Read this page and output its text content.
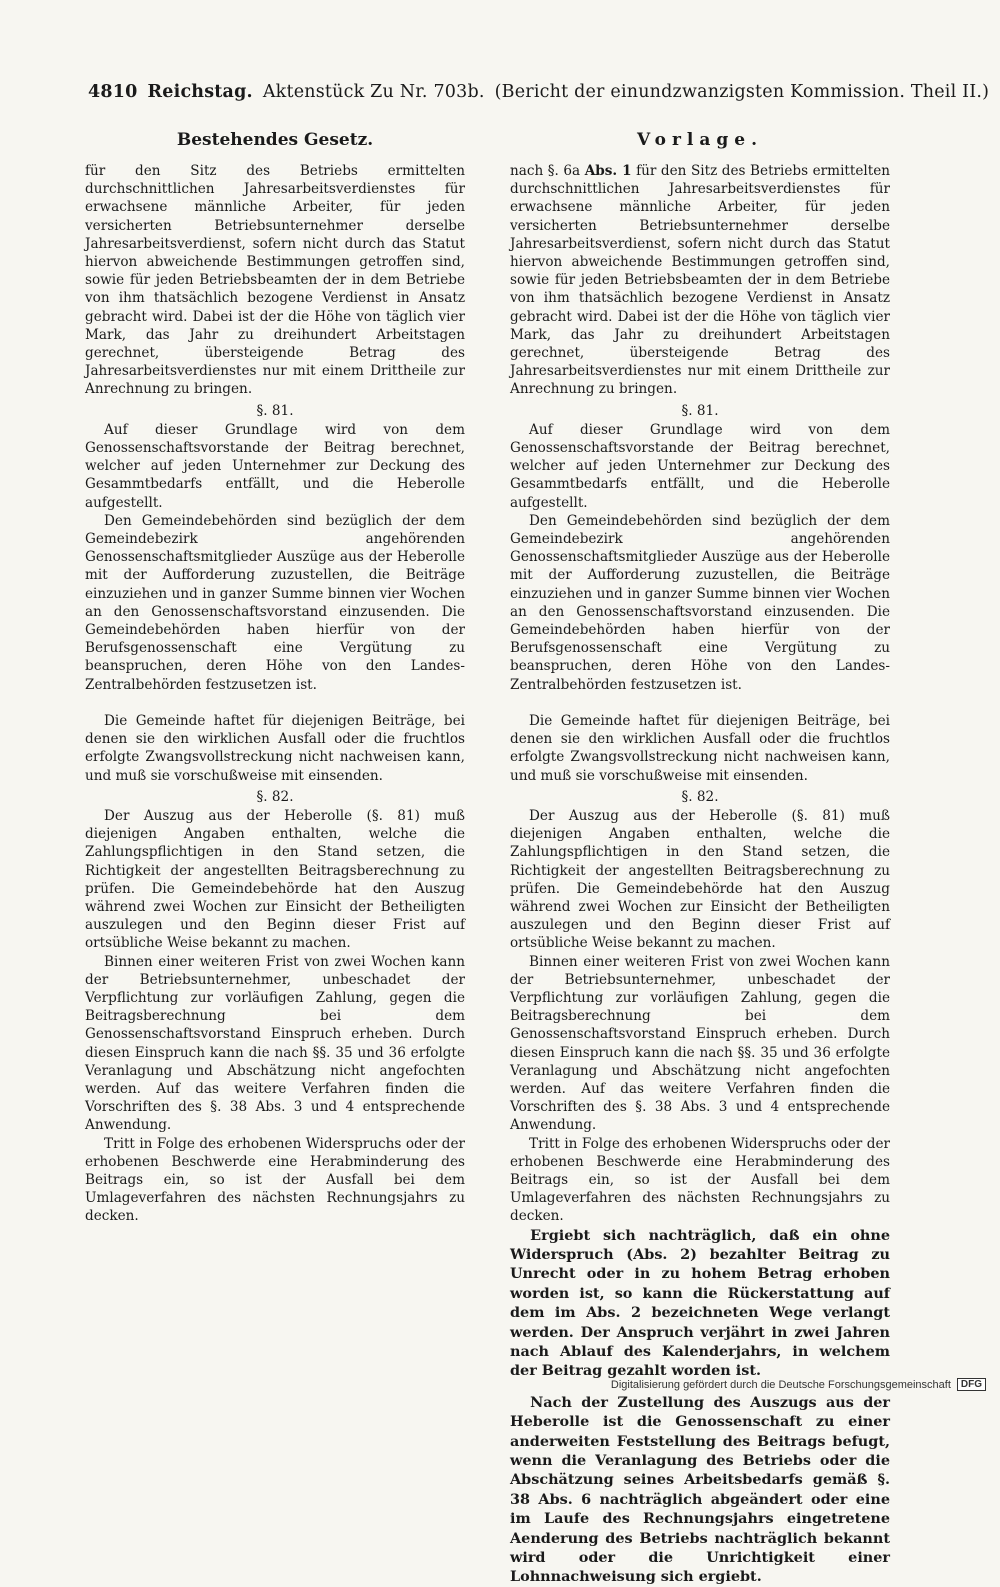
4810 Reichstag. Aktenstück Zu Nr. 703b. (Bericht der einundzwanzigsten Kommission. Theil II.)
Bestehendes Gesetz.

für den Sitz des Betriebs ermittelten durchschnittlichen Jahresarbeitsverdienstes für erwachsene männliche Arbeiter, für jeden versicherten Betriebsunternehmer derselbe Jahresarbeitsverdienst, sofern nicht durch das Statut hiervon abweichende Bestimmungen getroffen sind, sowie für jeden Betriebsbeamten der in dem Betriebe von ihm thatsächlich bezogene Verdienst in Ansatz gebracht wird. Dabei ist der die Höhe von täglich vier Mark, das Jahr zu dreihundert Arbeitstagen gerechnet, übersteigende Betrag des Jahresarbeitsverdienstes nur mit einem Drittheile zur Anrechnung zu bringen.

§. 81.

Auf dieser Grundlage wird von dem Genossenschaftsvorstande der Beitrag berechnet, welcher auf jeden Unternehmer zur Deckung des Gesammtbedarfs entfällt, und die Heberolle aufgestellt.

Den Gemeindebehörden sind bezüglich der dem Gemeindebezirk angehörenden Genossenschaftsmitglieder Auszüge aus der Heberolle mit der Aufforderung zuzustellen, die Beiträge einzuziehen und in ganzer Summe binnen vier Wochen an den Genossenschaftsvorstand einzusenden. Die Gemeindebehörden haben hierfür von der Berufsgenossenschaft eine Vergütung zu beanspruchen, deren Höhe von den Landes-Zentralbehörden festzusetzen ist.

Die Gemeinde haftet für diejenigen Beiträge, bei denen sie den wirklichen Ausfall oder die fruchtlos erfolgte Zwangsvollstreckung nicht nachweisen kann, und muß sie vorschußweise mit einsenden.

§. 82.

Der Auszug aus der Heberolle (§. 81) muß diejenigen Angaben enthalten, welche die Zahlungspflichtigen in den Stand setzen, die Richtigkeit der angestellten Beitragsberechnung zu prüfen. Die Gemeindebehörde hat den Auszug während zwei Wochen zur Einsicht der Betheiligten auszulegen und den Beginn dieser Frist auf ortsübliche Weise bekannt zu machen.

Binnen einer weiteren Frist von zwei Wochen kann der Betriebsunternehmer, unbeschadet der Verpflichtung zur vorläufigen Zahlung, gegen die Beitragsberechnung bei dem Genossenschaftsvorstand Einspruch erheben. Durch diesen Einspruch kann die nach §§. 35 und 36 erfolgte Veranlagung und Abschätzung nicht angefochten werden. Auf das weitere Verfahren finden die Vorschriften des §. 38 Abs. 3 und 4 entsprechende Anwendung.

Tritt in Folge des erhobenen Widerspruchs oder der erhobenen Beschwerde eine Herabminderung des Beitrags ein, so ist der Ausfall bei dem Umlageverfahren des nächsten Rechnungsjahrs zu decken.

Vorlage.

nach §. 6a Abs. 1 für den Sitz des Betriebs ermittelten durchschnittlichen Jahresarbeitsverdienstes für erwachsene männliche Arbeiter, für jeden versicherten Betriebsunternehmer derselbe Jahresarbeitsverdienst, sofern nicht durch das Statut hiervon abweichende Bestimmungen getroffen sind, sowie für jeden Betriebsbeamten der in dem Betriebe von ihm thatsächlich bezogene Verdienst in Ansatz gebracht wird. Dabei ist der die Höhe von täglich vier Mark, das Jahr zu dreihundert Arbeitstagen gerechnet, übersteigende Betrag des Jahresarbeitsverdienstes nur mit einem Drittheile zur Anrechnung zu bringen.

§. 81.

Auf dieser Grundlage wird von dem Genossenschaftsvorstande der Beitrag berechnet, welcher auf jeden Unternehmer zur Deckung des Gesammtbedarfs entfällt, und die Heberolle aufgestellt.

Den Gemeindebehörden sind bezüglich der dem Gemeindebezirk angehörenden Genossenschaftsmitglieder Auszüge aus der Heberolle mit der Aufforderung zuzustellen, die Beiträge einzuziehen und in ganzer Summe binnen vier Wochen an den Genossenschaftsvorstand einzusenden. Die Gemeindebehörden haben hierfür von der Berufsgenossenschaft eine Vergütung zu beanspruchen, deren Höhe von den Landes-Zentralbehörden festzusetzen ist.

Die Gemeinde haftet für diejenigen Beiträge, bei denen sie den wirklichen Ausfall oder die fruchtlos erfolgte Zwangsvollstreckung nicht nachweisen kann, und muß sie vorschußweise mit einsenden.

§. 82.

Der Auszug aus der Heberolle (§. 81) muß diejenigen Angaben enthalten, welche die Zahlungspflichtigen in den Stand setzen, die Richtigkeit der angestellten Beitragsberechnung zu prüfen. Die Gemeindebehörde hat den Auszug während zwei Wochen zur Einsicht der Betheiligten auszulegen und den Beginn dieser Frist auf ortsübliche Weise bekannt zu machen.

Binnen einer weiteren Frist von zwei Wochen kann der Betriebsunternehmer, unbeschadet der Verpflichtung zur vorläufigen Zahlung, gegen die Beitragsberechnung bei dem Genossenschaftsvorstand Einspruch erheben. Durch diesen Einspruch kann die nach §§. 35 und 36 erfolgte Veranlagung und Abschätzung nicht angefochten werden. Auf das weitere Verfahren finden die Vorschriften des §. 38 Abs. 3 und 4 entsprechende Anwendung.

Tritt in Folge des erhobenen Widerspruchs oder der erhobenen Beschwerde eine Herabminderung des Beitrags ein, so ist der Ausfall bei dem Umlageverfahren des nächsten Rechnungsjahrs zu decken.

Ergiebt sich nachträglich, daß ein ohne Widerspruch (Abs. 2) bezahlter Beitrag zu Unrecht oder in zu hohem Betrag erhoben worden ist, so kann die Rückerstattung auf dem im Abs. 2 bezeichneten Wege verlangt werden. Der Anspruch verjährt in zwei Jahren nach Ablauf des Kalenderjahrs, in welchem der Beitrag gezahlt worden ist.

Nach der Zustellung des Auszugs aus der Heberolle ist die Genossenschaft zu einer anderweiten Feststellung des Beitrags befugt, wenn die Veranlagung des Betriebs oder die Abschätzung seines Arbeitsbedarfs gemäß §. 38 Abs. 6 nachträglich abgeändert oder eine im Laufe des Rechnungsjahrs eingetretene Aenderung des Betriebs nachträglich bekannt wird oder die Unrichtigkeit einer Lohnnachweisung sich ergiebt.

Digitalisierung gefördert durch die Deutsche Forschungsgemeinschaft	DFG
